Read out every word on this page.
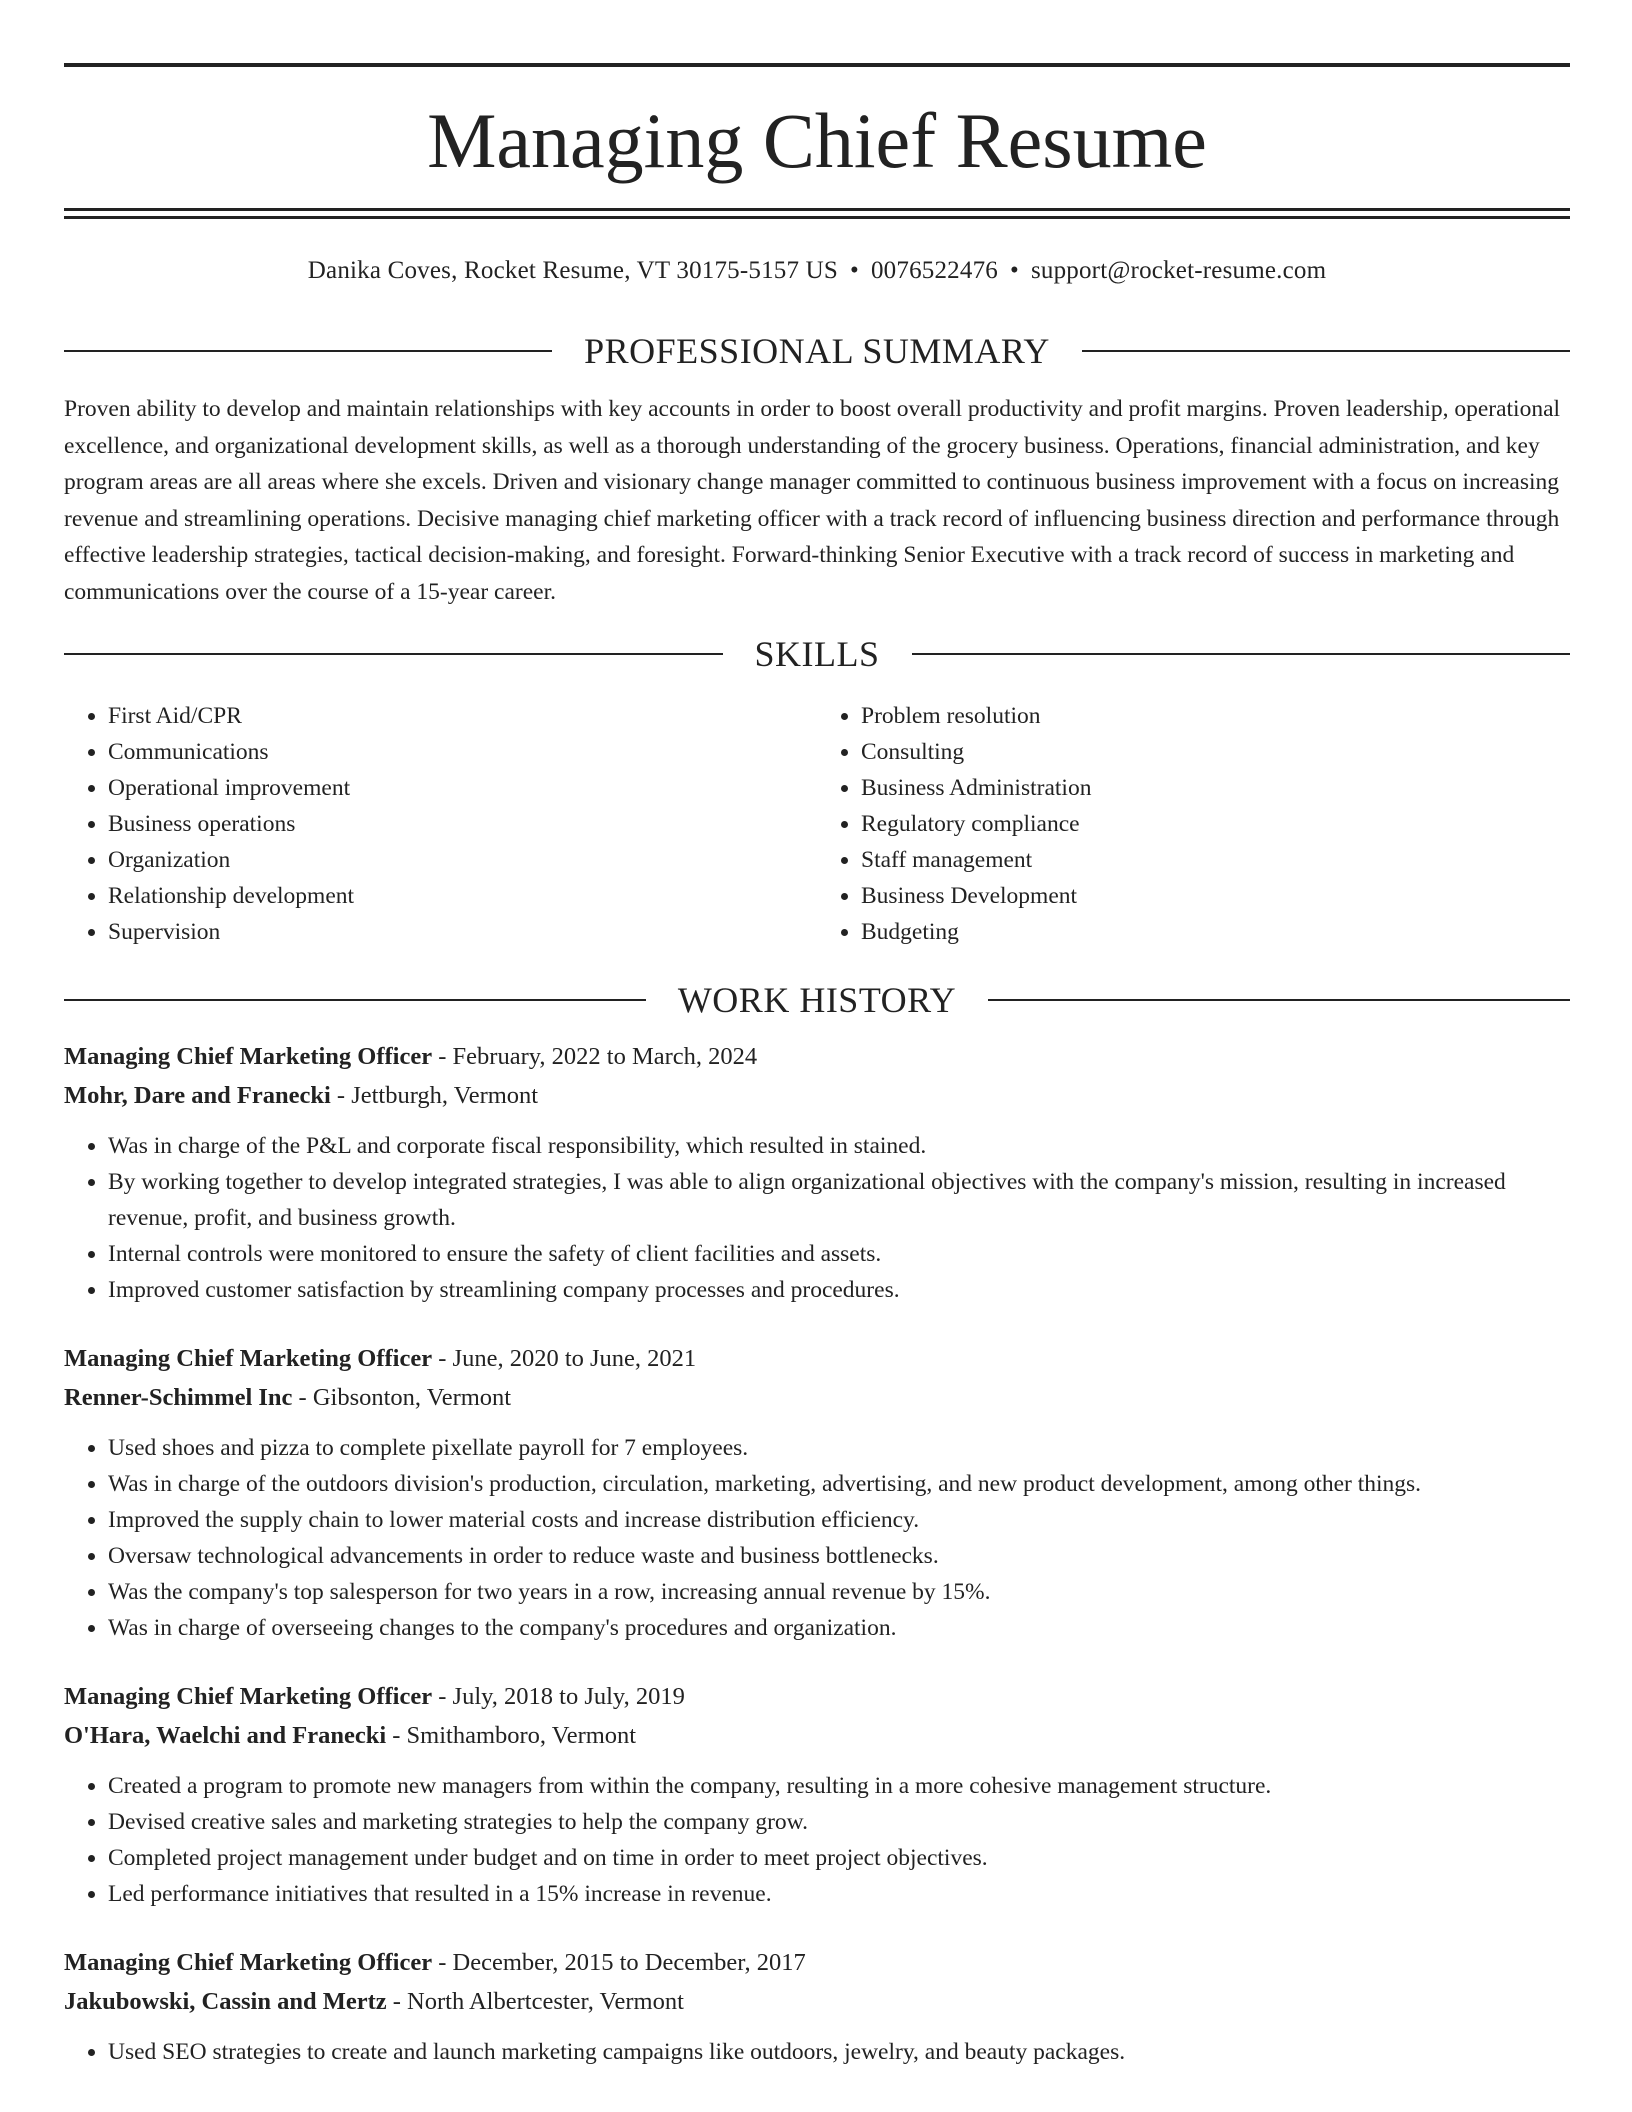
Managing Chief Resume
Danika Coves, Rocket Resume, VT 30175-5157 US • 0076522476 • support@rocket-resume.com
PROFESSIONAL SUMMARY
Proven ability to develop and maintain relationships with key accounts in order to boost overall productivity and profit margins. Proven leadership, operational excellence, and organizational development skills, as well as a thorough understanding of the grocery business. Operations, financial administration, and key program areas are all areas where she excels. Driven and visionary change manager committed to continuous business improvement with a focus on increasing revenue and streamlining operations. Decisive managing chief marketing officer with a track record of influencing business direction and performance through effective leadership strategies, tactical decision-making, and foresight. Forward-thinking Senior Executive with a track record of success in marketing and communications over the course of a 15-year career.
SKILLS
• First Aid/CPR
• Communications
• Operational improvement
• Business operations
• Organization
• Relationship development
• Supervision
• Problem resolution
• Consulting
• Business Administration
• Regulatory compliance
• Staff management
• Business Development
• Budgeting
WORK HISTORY
Managing Chief Marketing Officer - February, 2022 to March, 2024
Mohr, Dare and Franecki - Jettburgh, Vermont
• Was in charge of the P&L and corporate fiscal responsibility, which resulted in stained.
• By working together to develop integrated strategies, I was able to align organizational objectives with the company's mission, resulting in increased revenue, profit, and business growth.
• Internal controls were monitored to ensure the safety of client facilities and assets.
• Improved customer satisfaction by streamlining company processes and procedures.
Managing Chief Marketing Officer - June, 2020 to June, 2021
Renner-Schimmel Inc - Gibsonton, Vermont
• Used shoes and pizza to complete pixellate payroll for 7 employees.
• Was in charge of the outdoors division's production, circulation, marketing, advertising, and new product development, among other things.
• Improved the supply chain to lower material costs and increase distribution efficiency.
• Oversaw technological advancements in order to reduce waste and business bottlenecks.
• Was the company's top salesperson for two years in a row, increasing annual revenue by 15%.
• Was in charge of overseeing changes to the company's procedures and organization.
Managing Chief Marketing Officer - July, 2018 to July, 2019
O'Hara, Waelchi and Franecki - Smithamboro, Vermont
• Created a program to promote new managers from within the company, resulting in a more cohesive management structure.
• Devised creative sales and marketing strategies to help the company grow.
• Completed project management under budget and on time in order to meet project objectives.
• Led performance initiatives that resulted in a 15% increase in revenue.
Managing Chief Marketing Officer - December, 2015 to December, 2017
Jakubowski, Cassin and Mertz - North Albertcester, Vermont
• Used SEO strategies to create and launch marketing campaigns like outdoors, jewelry, and beauty packages.
